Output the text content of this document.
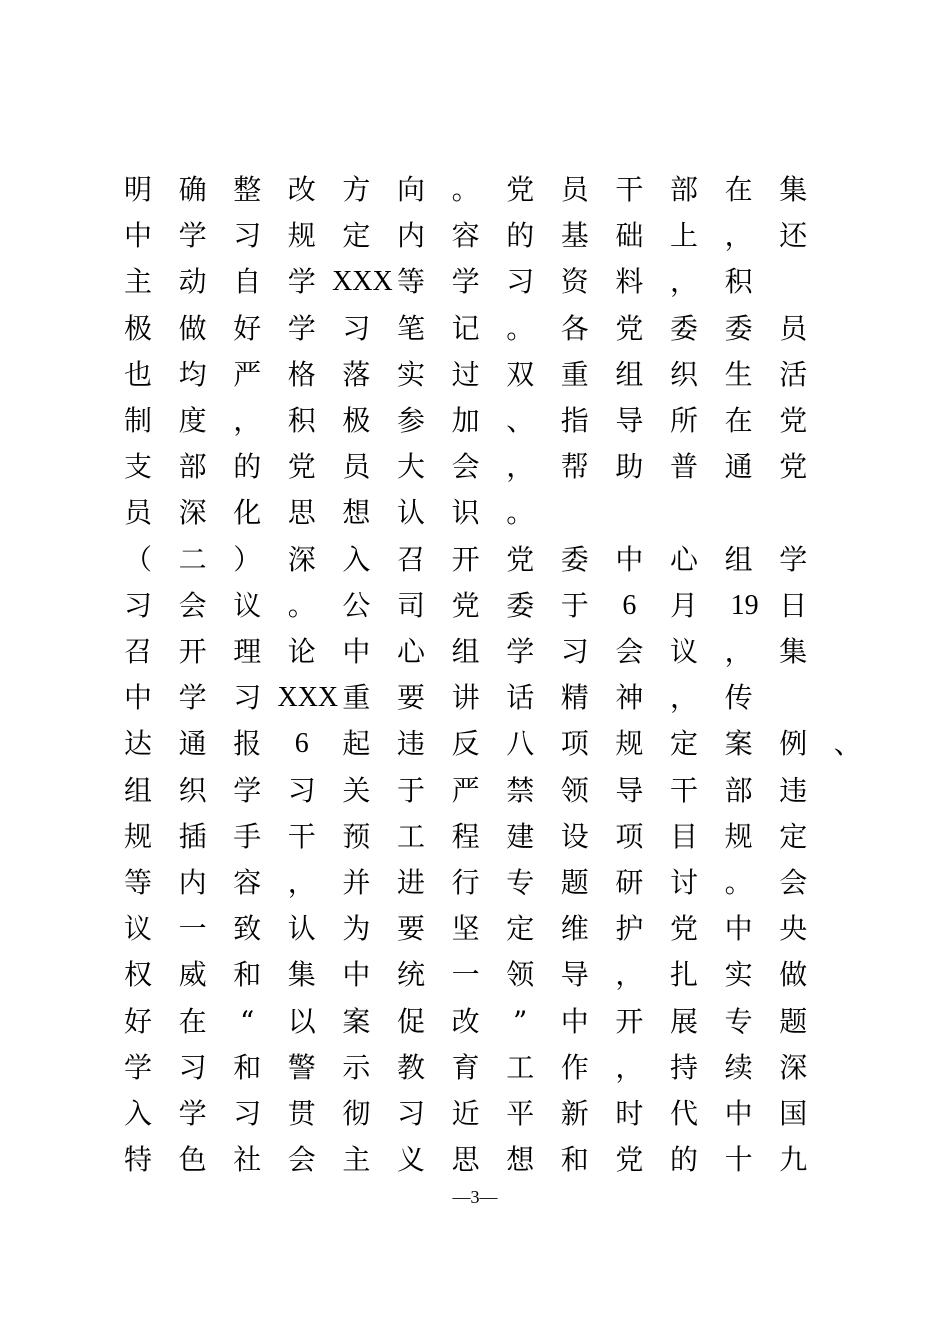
明 确 整 改 方 向 。 党 员 干 部 在 集
中 学 习 规 定 内 容 的 基 础 上 ， 还
主 动 自 学 XXX 等 学 习 资 料 ， 积
极 做 好 学 习 笔 记 。 各 党 委 委 员
也 均 严 格 落 实 过 双 重 组 织 生 活
制 度 ， 积 极 参 加 、 指 导 所 在 党
支 部 的 党 员 大 会 ， 帮 助 普 通 党
员 深 化 思 想 认 识 。
（ 二 ） 深 入 召 开 党 委 中 心 组 学
习 会 议 。 公 司 党 委 于 6 月 19 日
召 开 理 论 中 心 组 学 习 会 议 ， 集
中 学 习 XXX 重 要 讲 话 精 神 ， 传
达 通 报 6 起 违 反 八 项 规 定 案 例 、
组 织 学 习 关 于 严 禁 领 导 干 部 违
规 插 手 干 预 工 程 建 设 项 目 规 定
等 内 容 ， 并 进 行 专 题 研 讨 。 会
议 一 致 认 为 要 坚 定 维 护 党 中 央
权 威 和 集 中 统 一 领 导 ， 扎 实 做
好 在 “ 以 案 促 改 ” 中 开 展 专 题
学 习 和 警 示 教 育 工 作 ， 持 续 深
入 学 习 贯 彻 习 近 平 新 时 代 中 国
特 色 社 会 主 义 思 想 和 党 的 十 九
—3—
